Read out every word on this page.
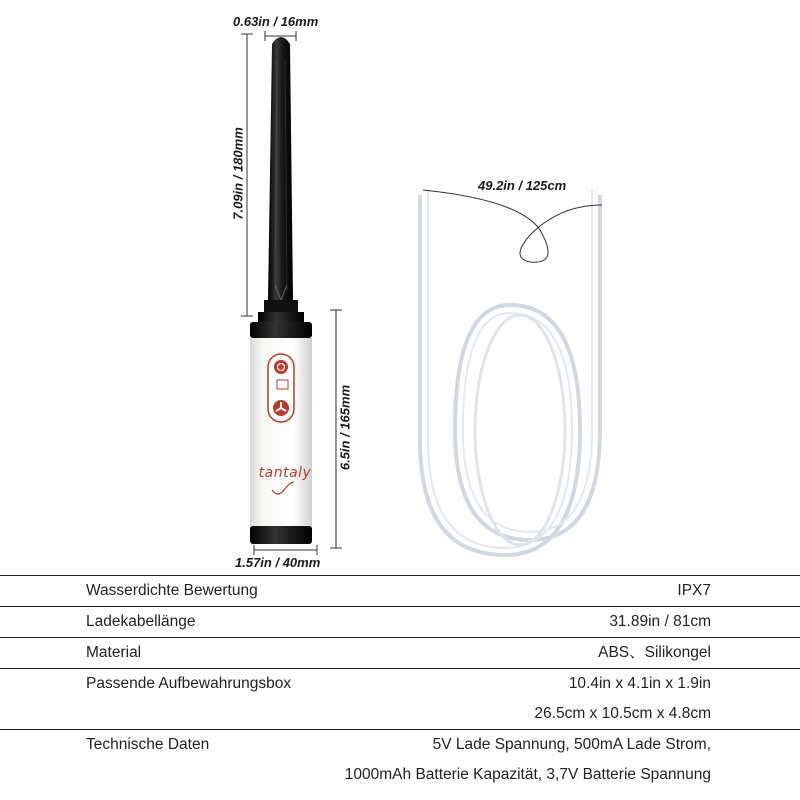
0.63in / 16mm
7.09in / 180mm
6.5in / 165mm
1.57in / 40mm
49.2in / 125cm
tantaly
Wasserdichte Bewertung	IPX7
Ladekabellänge	31.89in / 81cm
Material	ABS、Silikongel
Passende Aufbewahrungsbox	10.4in x 4.1in x 1.9in
26.5cm x 10.5cm x 4.8cm
Technische Daten	5V Lade Spannung, 500mA Lade Strom,
1000mAh Batterie Kapazität, 3,7V Batterie Spannung
